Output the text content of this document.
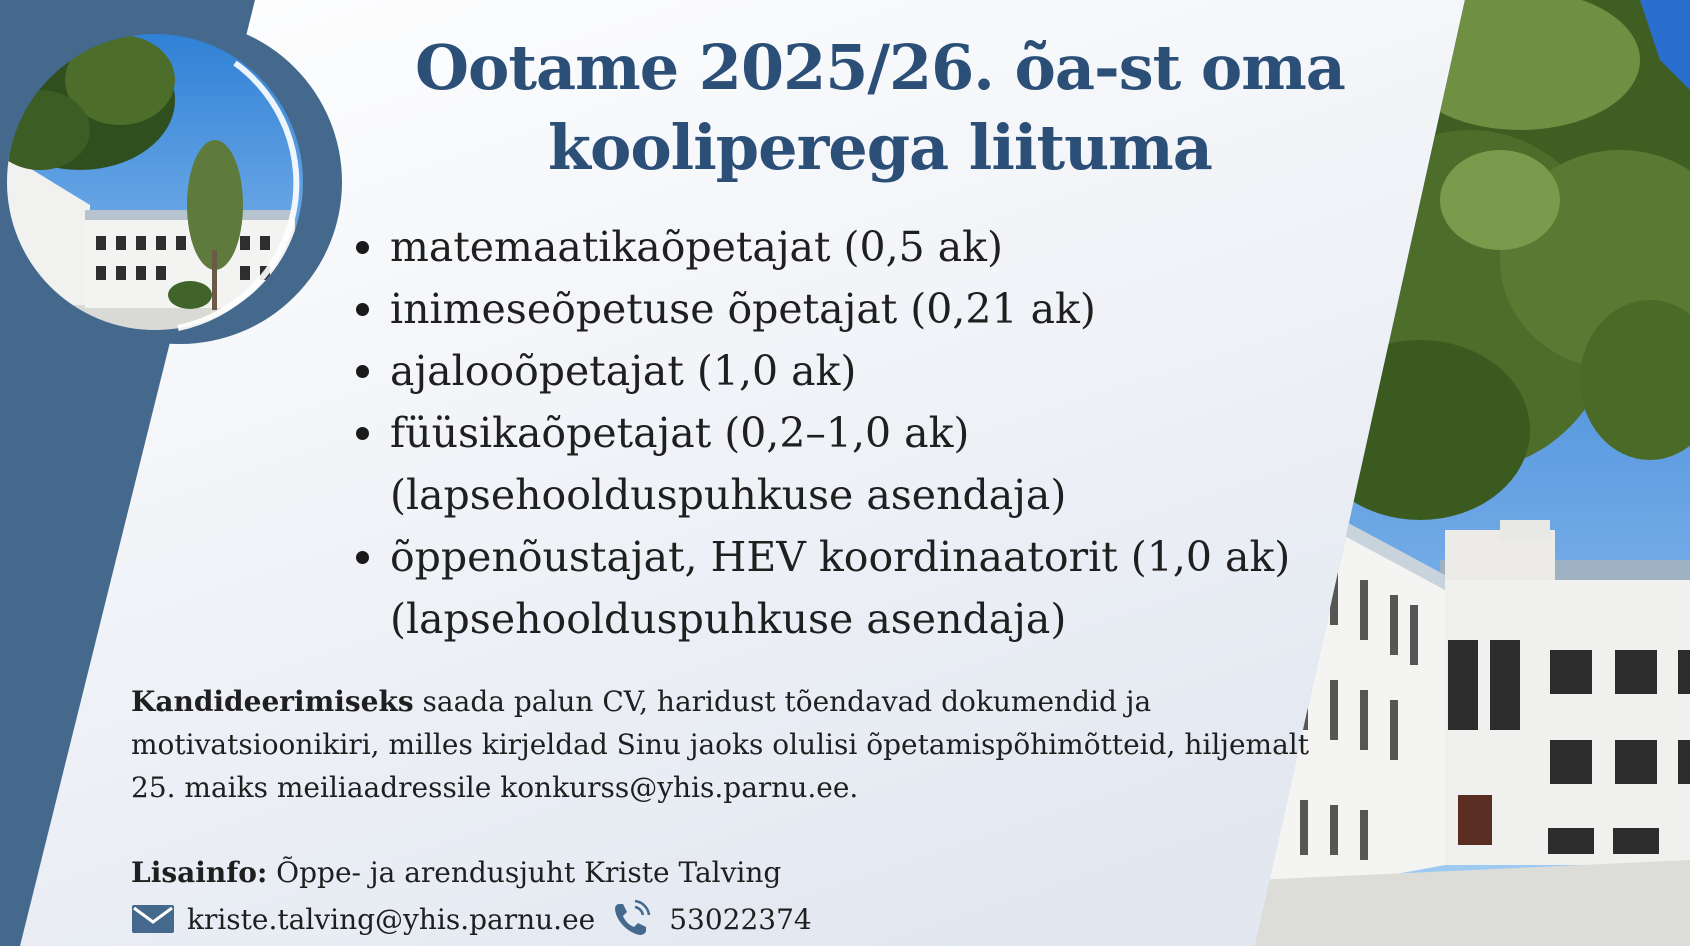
Ootame 2025/26. õa-st oma
kooliperega liituma
matemaatikaõpetajat (0,5 ak)
inimeseõpetuse õpetajat (0,21 ak)
ajalooõpetajat (1,0 ak)
füüsikaõpetajat (0,2–1,0 ak)
(lapsehoolduspuhkuse asendaja)
õppenõustajat, HEV koordinaatorit (1,0 ak)
(lapsehoolduspuhkuse asendaja)
Kandideerimiseks saada palun CV, haridust tõendavad dokumendid ja motivatsioonikiri, milles kirjeldad Sinu jaoks olulisi õpetamispõhimõtteid, hiljemalt 25. maiks meiliaadressile konkurss@yhis.parnu.ee.
Lisainfo: Õppe- ja arendusjuht Kriste Talving
kriste.talving@yhis.parnu.ee	53022374
